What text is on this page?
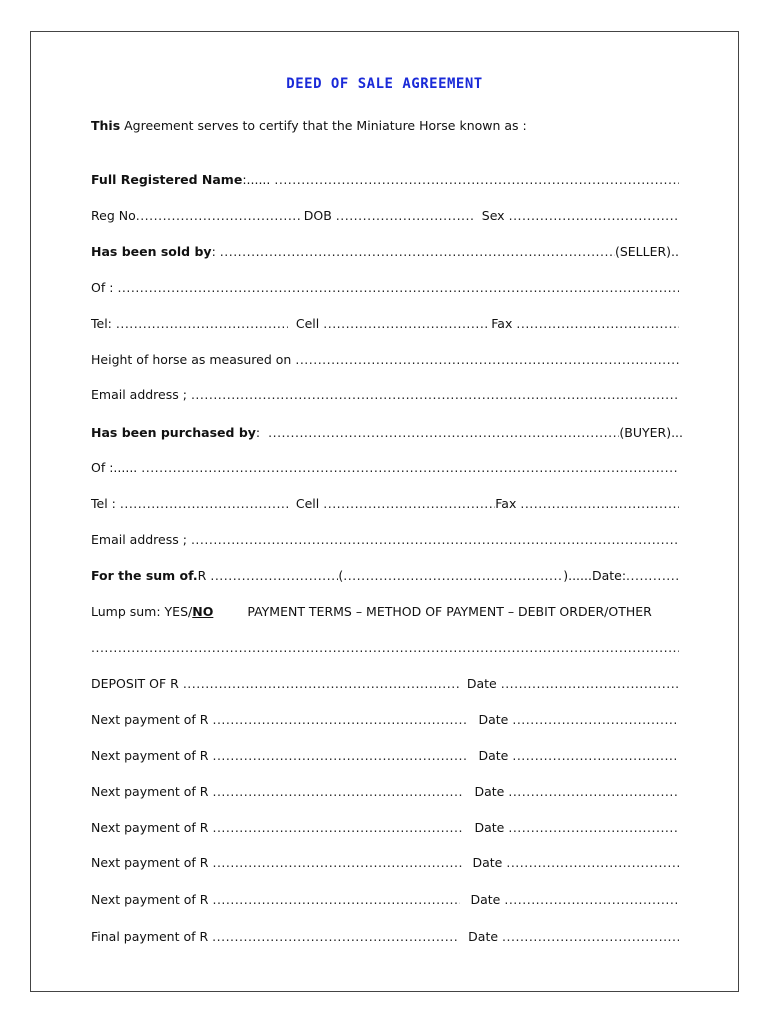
DEED OF SALE AGREEMENT
This Agreement serves to certify that the Miniature Horse known as :
Full Registered Name :......
.....
Reg No .....	DOB .....	Sex
.....
Has been sold by : .....	(SELLER)..
Of :
.....
Tel: .....	Cell .....	Fax
.....
Height of horse as measured on
.....
Email address ;
.....
Has been purchased by : .....	(BUYER)...
Of :......
.....
Tel : .....	Cell .....	Fax
.....
Email address ;
.....
For the sum of. R .....	( .....	)......Date:
.....
Lump sum: YES/ NO	PAYMENT TERMS – METHOD OF PAYMENT – DEBIT ORDER/OTHER
.....
DEPOSIT OF R .....	Date
.....
Next payment of R .....	Date
.....
Next payment of R .....	Date
.....
Next payment of R .....	Date
.....
Next payment of R .....	Date
.....
Next payment of R .....	Date
.....
Next payment of R .....	Date
.....
Final payment of R .....	Date
.....
